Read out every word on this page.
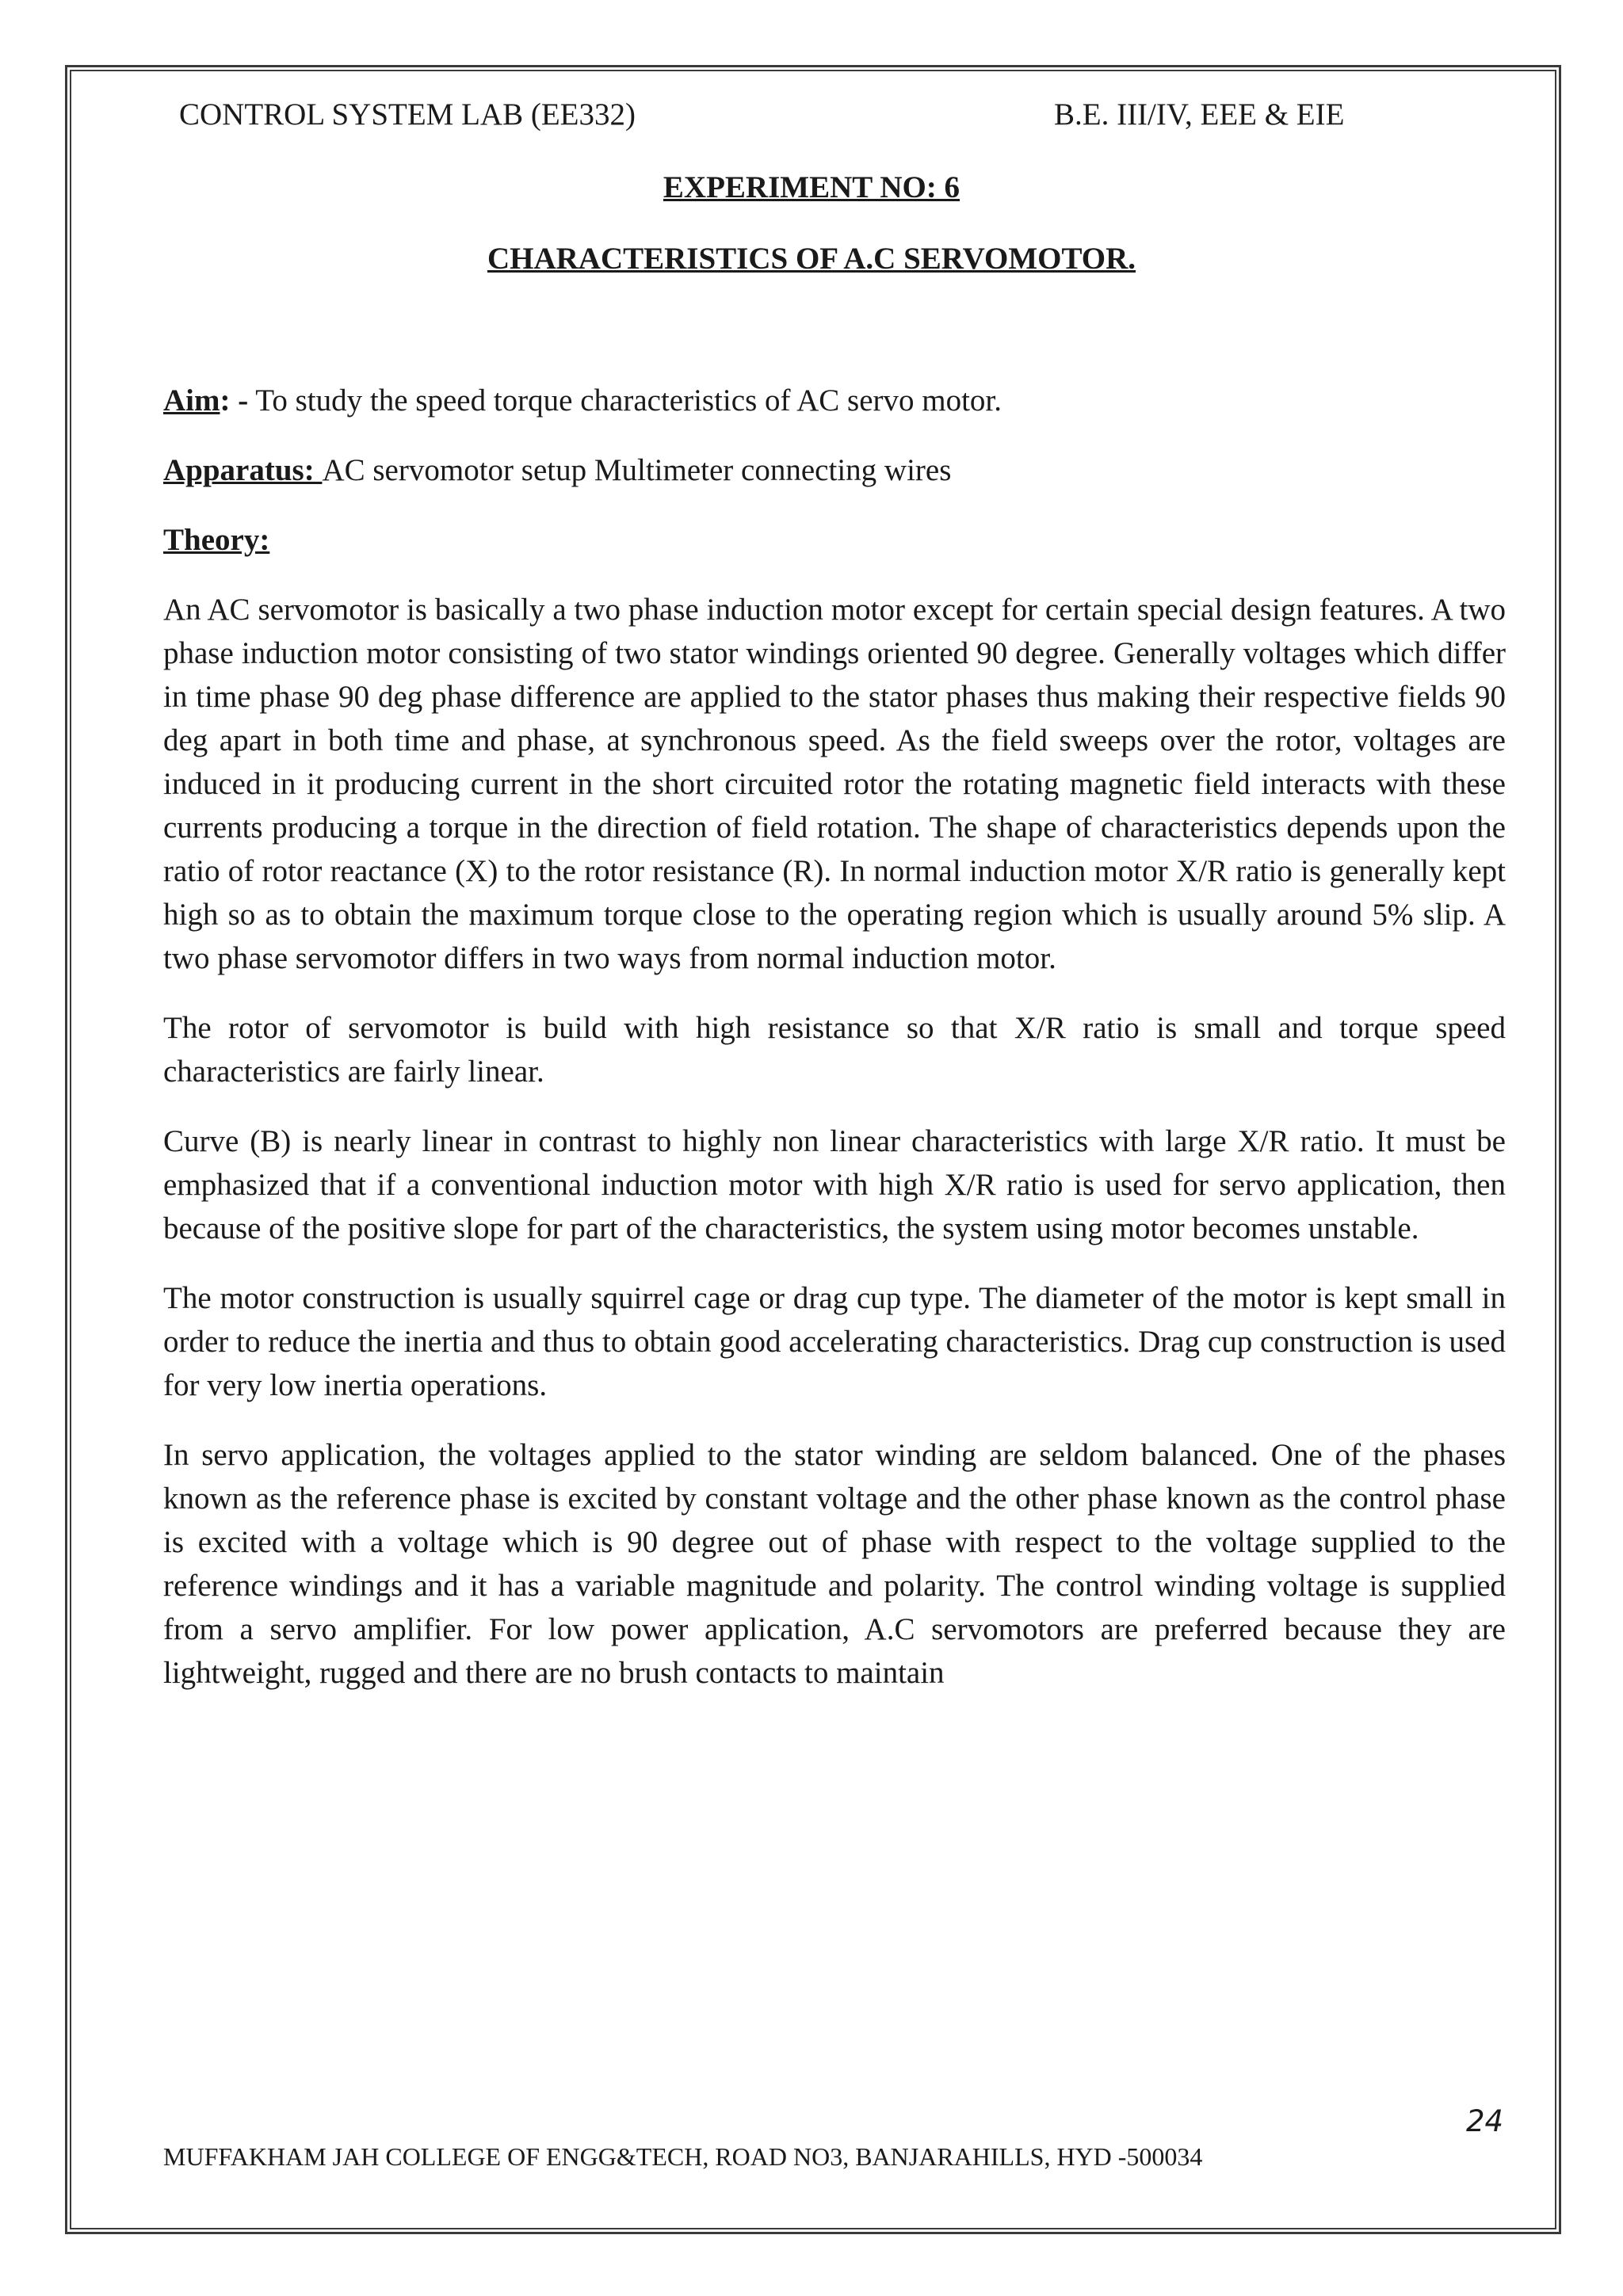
CONTROL SYSTEM LAB (EE332)	B.E. III/IV, EEE & EIE
EXPERIMENT NO: 6
CHARACTERISTICS OF A.C SERVOMOTOR.

Aim: - To study the speed torque characteristics of AC servo motor.

Apparatus: AC servomotor setup Multimeter connecting wires

Theory:

An AC servomotor is basically a two phase induction motor except for certain special design features. A two phase induction motor consisting of two stator windings oriented 90 degree. Generally voltages which differ in time phase 90 deg phase difference are applied to the stator phases thus making their respective fields 90 deg apart in both time and phase, at synchronous speed. As the field sweeps over the rotor, voltages are induced in it producing current in the short circuited rotor the rotating magnetic field interacts with these currents producing a torque in the direction of field rotation. The shape of characteristics depends upon the ratio of rotor reactance (X) to the rotor resistance (R). In normal induction motor X/R ratio is generally kept high so as to obtain the maximum torque close to the operating region which is usually around 5% slip. A two phase servomotor differs in two ways from normal induction motor.

The rotor of servomotor is build with high resistance so that X/R ratio is small and torque speed characteristics are fairly linear.

Curve (B) is nearly linear in contrast to highly non linear characteristics with large X/R ratio. It must be emphasized that if a conventional induction motor with high X/R ratio is used for servo application, then because of the positive slope for part of the characteristics, the system using motor becomes unstable.

The motor construction is usually squirrel cage or drag cup type. The diameter of the motor is kept small in order to reduce the inertia and thus to obtain good accelerating characteristics. Drag cup construction is used for very low inertia operations.

In servo application, the voltages applied to the stator winding are seldom balanced. One of the phases known as the reference phase is excited by constant voltage and the other phase known as the control phase is excited with a voltage which is 90 degree out of phase with respect to the voltage supplied to the reference windings and it has a variable magnitude and polarity. The control winding voltage is supplied from a servo amplifier. For low power application, A.C servomotors are preferred because they are lightweight, rugged and there are no brush contacts to maintain

24
MUFFAKHAM JAH COLLEGE OF ENGG&TECH, ROAD NO3, BANJARAHILLS, HYD -500034
